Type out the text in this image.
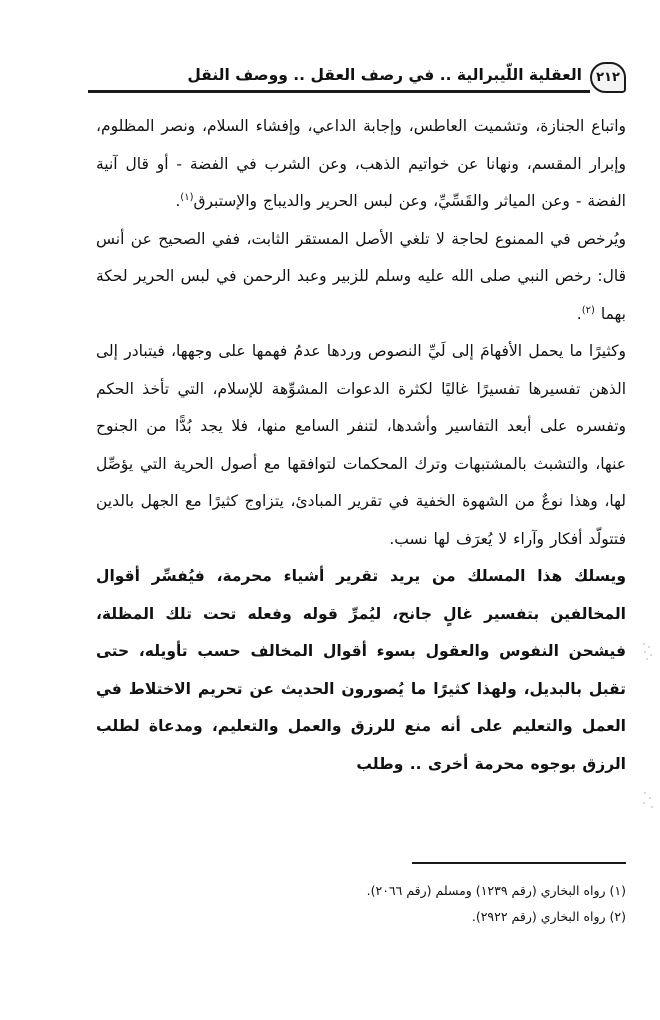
٢١٢
العقلية اللّيبرالية .. في رصف العقل .. ووصف النقل

واتباع الجنازة، وتشميت العاطس، وإجابة الداعي، وإفشاء السلام، ونصر المظلوم، وإبرار المقسم، ونهانا عن خواتيم الذهب، وعن الشرب في الفضة - أو قال آنية الفضة - وعن المياثر والقَسِّيِّ، وعن لبس الحرير والديباج والإستبرق$^{(١)}$.

ويُرخص في الممنوع لحاجة لا تلغي الأصل المستقر الثابت، ففي الصحيح عن أنس قال: رخص النبي صلى الله عليه وسلم للزبير وعبد الرحمن في لبس الحرير لحكة بهما $^{(٢)}$.

وكثيرًا ما يحمل الأفهامَ إلى لَيِّ النصوص وردها عدمُ فهمها على وجهها، فيتبادر إلى الذهن تفسيرها تفسيرًا غاليًا لكثرة الدعوات المشوِّهة للإسلام، التي تأخذ الحكم وتفسره على أبعد التفاسير وأشدها، لتنفر السامع منها، فلا يجد بُدًّا من الجنوح عنها، والتشبث بالمشتبهات وترك المحكمات لتوافقها مع أصول الحرية التي يؤصِّل لها، وهذا نوعٌ من الشهوة الخفية في تقرير المبادئ، يتزاوج كثيرًا مع الجهل بالدين فتتولّد أفكار وآراء لا يُعرَف لها نسب.

ويسلك هذا المسلك من يريد تقرير أشياء محرمة، فيُفسِّر أقوال المخالفين بتفسير غالٍ جانح، ليُمرِّ قوله وفعله تحت تلك المظلة، فيشحن النفوس والعقول بسوء أقوال المخالف حسب تأويله، حتى تقبل بالبديل، ولهذا كثيرًا ما يُصورون الحديث عن تحريم الاختلاط في العمل والتعليم على أنه منع للرزق والعمل والتعليم، ومدعاة لطلب الرزق بوجوه محرمة أخرى .. وطلب

(١) رواه البخاري (رقم ١٢٣٩) ومسلم (رقم ٢٠٦٦).

(٢) رواه البخاري (رقم ٢٩٢٢).
